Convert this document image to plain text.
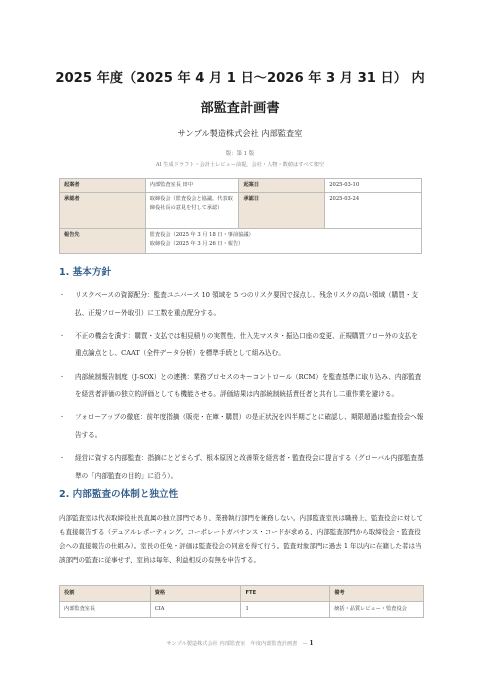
2025 年度（2025 年 4 月 1 日〜2026 年 3 月 31 日） 内部監査計画書
サンプル製造株式会社 内部監査室
版：第 1 版
AI 生成ドラフト・会計士レビュー前提。会社・人物・数値はすべて架空
起案者	内部監査室長 田中	起案日	2025-03-10
承認者	取締役会（監査役会と協議。代表取締役社長の意見を付して承認）	承認日	2025-03-24
報告先	監査役会（2025 年 3 月 18 日・事前協議）
取締役会（2025 年 3 月 26 日・報告）		
1. 基本方針
・ リスクベースの資源配分：監査ユニバース 10 領域を 5 つのリスク要因で採点し、残余リスクの高い領域（購買・支払、正規フロー外取引）に工数を重点配分する。
・ 不正の機会を潰す：購買・支払では相見積りの実質性、仕入先マスタ・振込口座の変更、正規購買フロー外の支払を重点論点とし、CAAT（全件データ分析）を標準手続として組み込む。
・ 内部統制報告制度（J-SOX）との連携：業務プロセスのキーコントロール（RCM）を監査基準に取り込み、内部監査を経営者評価の独立的評価としても機能させる。評価結果は内部統制統括責任者と共有し二重作業を避ける。
・ フォローアップの徹底：前年度指摘（販売・在庫・購買）の是正状況を四半期ごとに確認し、期限超過は監査役会へ報告する。
・ 経営に資する内部監査：指摘にとどまらず、根本原因と改善策を経営者・監査役会に提言する（グローバル内部監査基準の「内部監査の目的」に沿う）。
2. 内部監査の体制と独立性

内部監査室は代表取締役社長直属の独立部門であり、業務執行部門を兼務しない。内部監査室長は職務上、監査役会に対しても直接報告する（デュアルレポーティング。コーポレートガバナンス・コードが求める、内部監査部門から取締役会・監査役会への直接報告の仕組み）。室長の任免・評価は監査役会の同意を得て行う。監査対象部門に過去 1 年以内に在籍した者は当該部門の監査に従事せず、室員は毎年、利益相反の有無を申告する。

役割	資格	FTE	備考
内部監査室長	CIA	1	統括・品質レビュー・監査役会
サンプル製造株式会社 内部監査室　年度内部監査計画書　— 1
